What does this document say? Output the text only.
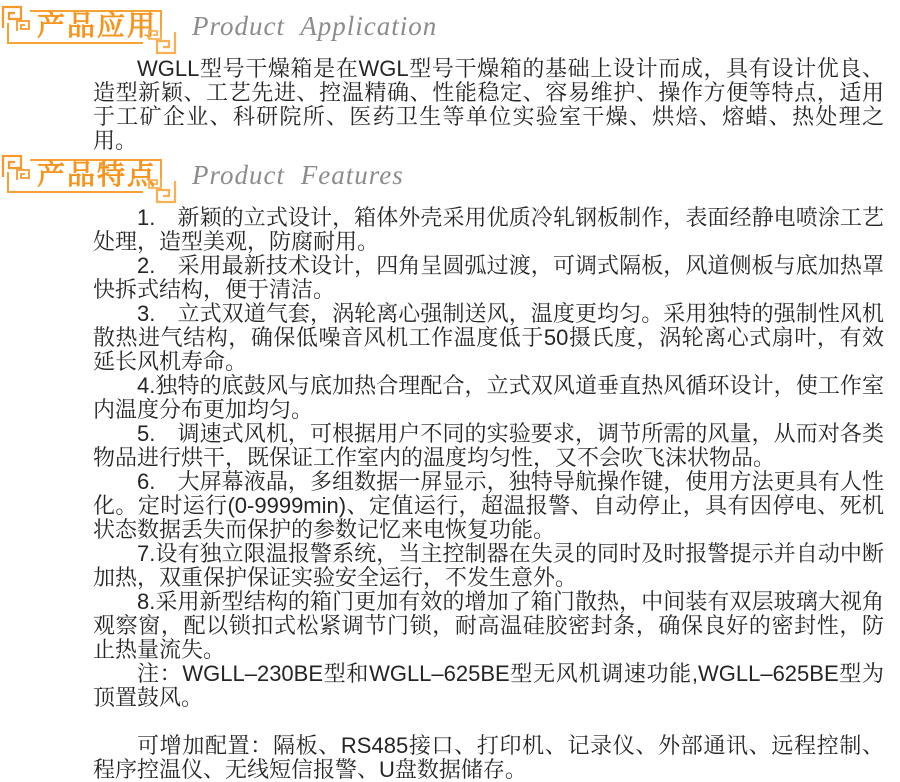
产品应用 Product Application

WGLL型号干燥箱是在WGL型号干燥箱的基础上设计而成，具有设计优良、造型新颖、工艺先进、控温精确、性能稳定、容易维护、操作方便等特点，适用于工矿企业、科研院所、医药卫生等单位实验室干燥、烘焙、熔蜡、热处理之用。

产品特点 Product Features

1.　新颖的立式设计，箱体外壳采用优质冷轧钢板制作，表面经静电喷涂工艺处理，造型美观，防腐耐用。

2.　采用最新技术设计，四角呈圆弧过渡，可调式隔板，风道侧板与底加热罩快拆式结构，便于清洁。

3.　立式双道气套，涡轮离心强制送风，温度更均匀。采用独特的强制性风机散热进气结构，确保低噪音风机工作温度低于50摄氏度，涡轮离心式扇叶，有效延长风机寿命。

4.独特的底鼓风与底加热合理配合，立式双风道垂直热风循环设计，使工作室内温度分布更加均匀。

5.　调速式风机，可根据用户不同的实验要求，调节所需的风量，从而对各类物品进行烘干，既保证工作室内的温度均匀性，又不会吹飞沫状物品。

6.　大屏幕液晶，多组数据一屏显示，独特导航操作键，使用方法更具有人性化。定时运行(0-9999min)、定值运行，超温报警、自动停止，具有因停电、死机状态数据丢失而保护的参数记忆来电恢复功能。

7.设有独立限温报警系统，当主控制器在失灵的同时及时报警提示并自动中断加热，双重保护保证实验安全运行，不发生意外。

8.采用新型结构的箱门更加有效的增加了箱门散热，中间装有双层玻璃大视角观察窗，配以锁扣式松紧调节门锁，耐高温硅胶密封条，确保良好的密封性，防止热量流失。

注：WGLL–230BE型和WGLL–625BE型无风机调速功能,WGLL–625BE型为顶置鼓风。

可增加配置：隔板、RS485接口、打印机、记录仪、外部通讯、远程控制、程序控温仪、无线短信报警、U盘数据储存。
